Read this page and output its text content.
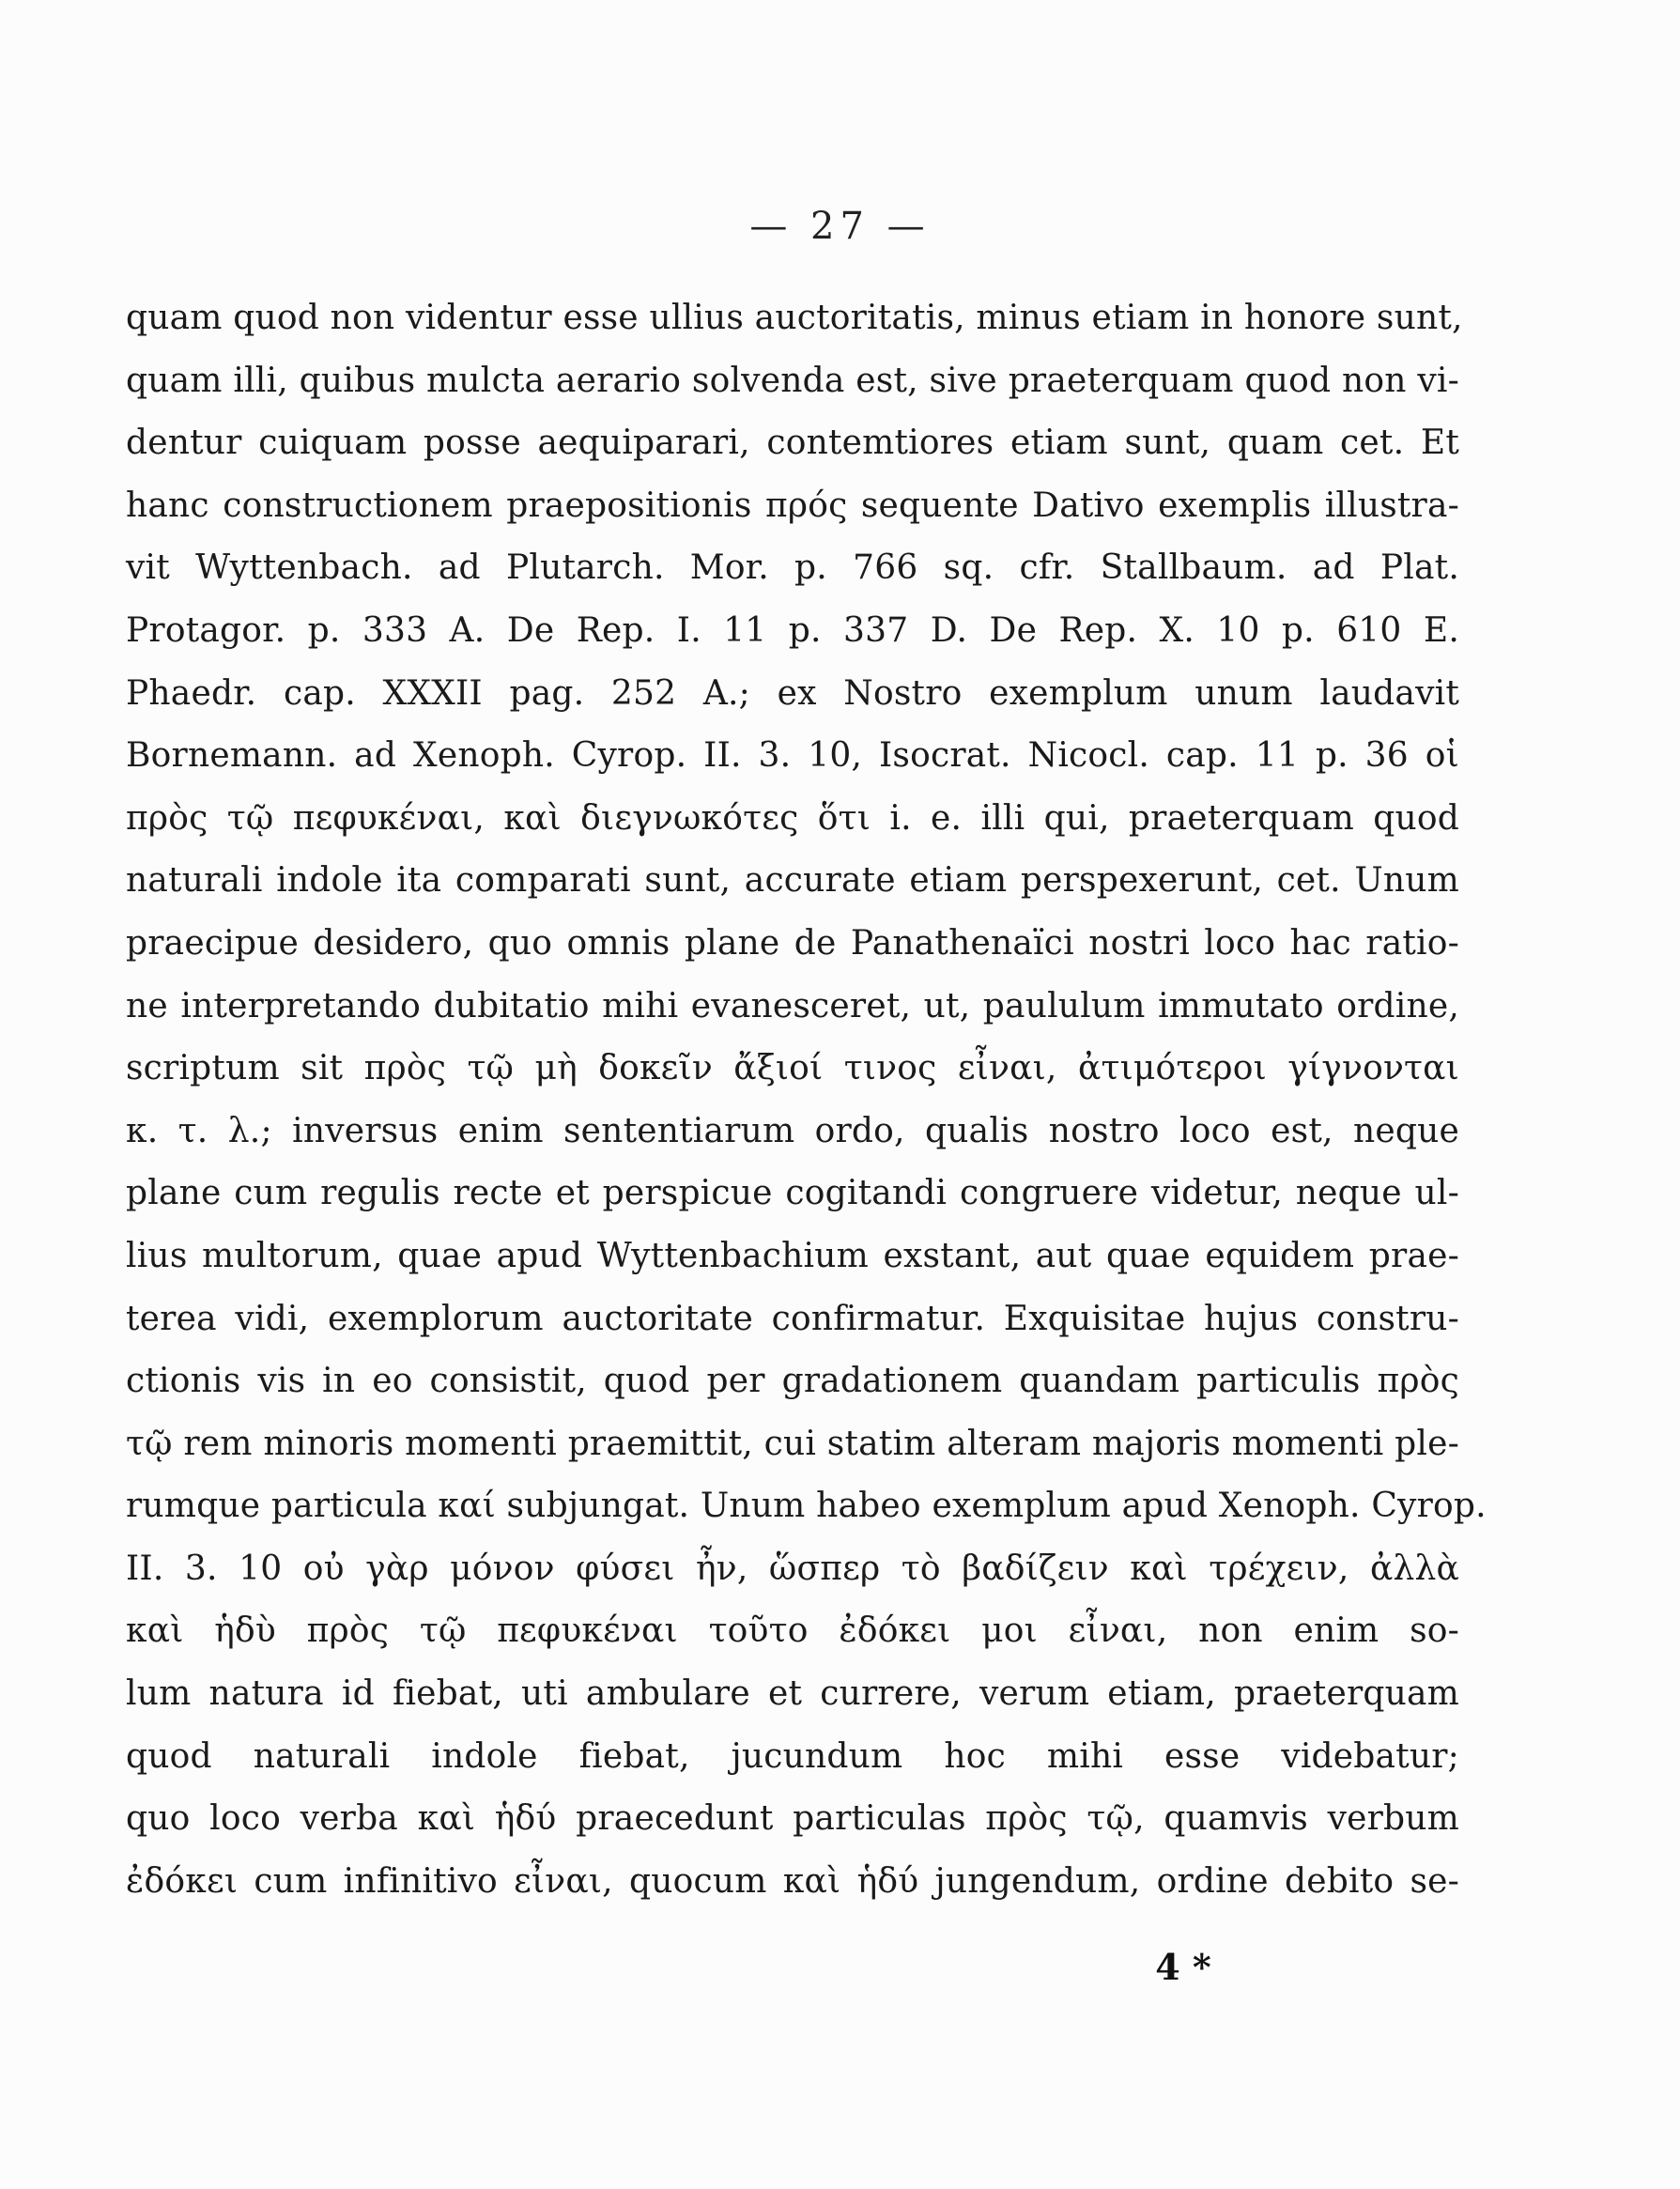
— 27 —
quam quod non videntur esse ullius auctoritatis, minus etiam in honore sunt,
quam illi, quibus mulcta aerario solvenda est, sive praeterquam quod non vi-
dentur cuiquam posse aequiparari, contemtiores etiam sunt, quam cet. Et
hanc constructionem praepositionis πρός sequente Dativo exemplis illustra-
vit Wyttenbach. ad Plutarch. Mor. p. 766 sq. cfr. Stallbaum. ad Plat.
Protagor. p. 333 A. De Rep. I. 11 p. 337 D. De Rep. X. 10 p. 610 E.
Phaedr. cap. XXXII pag. 252 A.; ex Nostro exemplum unum laudavit
Bornemann. ad Xenoph. Cyrop. II. 3. 10, Isocrat. Nicocl. cap. 11 p. 36 οἱ
πρὸς τῷ πεφυκέναι, καὶ διεγνωκότες ὅτι i. e. illi qui, praeterquam quod
naturali indole ita comparati sunt, accurate etiam perspexerunt, cet. Unum
praecipue desidero, quo omnis plane de Panathenaïci nostri loco hac ratio-
ne interpretando dubitatio mihi evanesceret, ut, paululum immutato ordine,
scriptum sit πρὸς τῷ μὴ δοκεῖν ἄξιοί τινος εἶναι, ἀτιμότεροι γίγνονται
κ. τ. λ.; inversus enim sententiarum ordo, qualis nostro loco est, neque
plane cum regulis recte et perspicue cogitandi congruere videtur, neque ul-
lius multorum, quae apud Wyttenbachium exstant, aut quae equidem prae-
terea vidi, exemplorum auctoritate confirmatur. Exquisitae hujus constru-
ctionis vis in eo consistit, quod per gradationem quandam particulis πρὸς
τῷ rem minoris momenti praemittit, cui statim alteram majoris momenti ple-
rumque particula καί subjungat. Unum habeo exemplum apud Xenoph. Cyrop.
II. 3. 10 οὐ γὰρ μόνον φύσει ἦν, ὥσπερ τὸ βαδίζειν καὶ τρέχειν, ἀλλὰ
καὶ ἡδὺ πρὸς τῷ πεφυκέναι τοῦτο ἐδόκει μοι εἶναι, non enim so-
lum natura id fiebat, uti ambulare et currere, verum etiam, praeterquam
quod naturali indole fiebat, jucundum hoc mihi esse videbatur;
quo loco verba καὶ ἡδύ praecedunt particulas πρὸς τῷ, quamvis verbum
ἐδόκει cum infinitivo εἶναι, quocum καὶ ἡδύ jungendum, ordine debito se-
4 *
